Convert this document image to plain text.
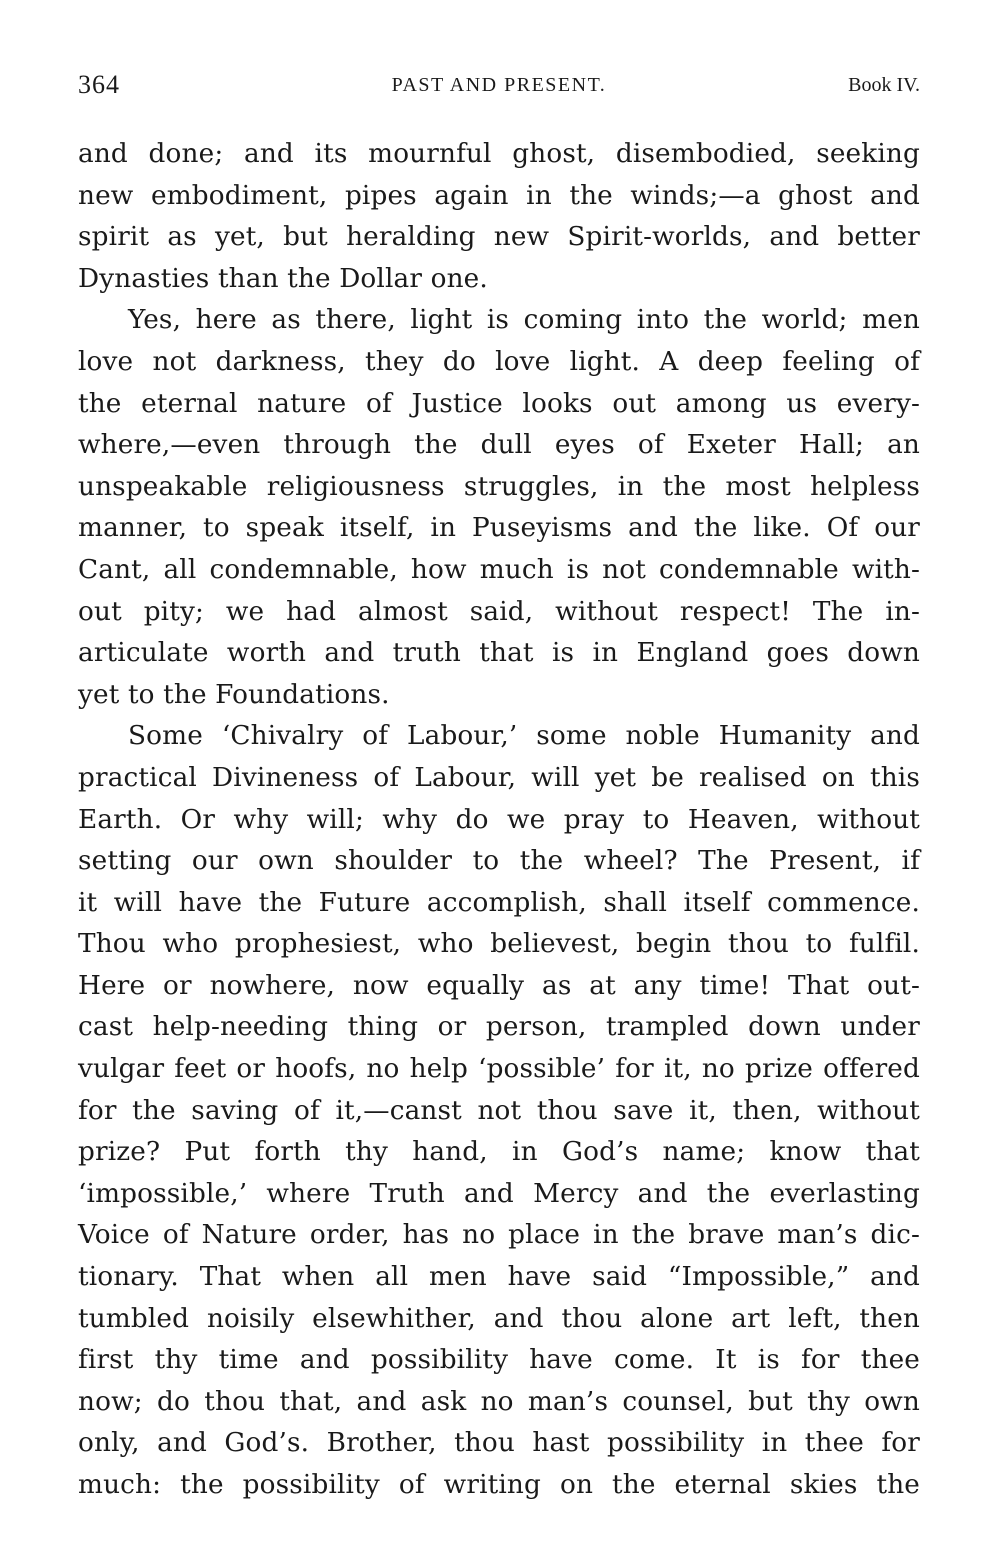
364	PAST AND PRESENT.	Book IV.
and done; and its mournful ghost, disembodied, seeking
new embodiment, pipes again in the winds;—a ghost and
spirit as yet, but heralding new Spirit-worlds, and better
Dynasties than the Dollar one.
Yes, here as there, light is coming into the world; men
love not darkness, they do love light. A deep feeling of
the eternal nature of Justice looks out among us every-
where,—even through the dull eyes of Exeter Hall; an
unspeakable religiousness struggles, in the most helpless
manner, to speak itself, in Puseyisms and the like. Of our
Cant, all condemnable, how much is not condemnable with-
out pity; we had almost said, without respect! The in-
articulate worth and truth that is in England goes down
yet to the Foundations.
Some ‘Chivalry of Labour,’ some noble Humanity and
practical Divineness of Labour, will yet be realised on this
Earth. Or why will; why do we pray to Heaven, without
setting our own shoulder to the wheel? The Present, if
it will have the Future accomplish, shall itself commence.
Thou who prophesiest, who believest, begin thou to fulfil.
Here or nowhere, now equally as at any time! That out-
cast help-needing thing or person, trampled down under
vulgar feet or hoofs, no help ‘possible’ for it, no prize offered
for the saving of it,—canst not thou save it, then, without
prize? Put forth thy hand, in God’s name; know that
‘impossible,’ where Truth and Mercy and the everlasting
Voice of Nature order, has no place in the brave man’s dic-
tionary. That when all men have said “Impossible,” and
tumbled noisily elsewhither, and thou alone art left, then
first thy time and possibility have come. It is for thee
now; do thou that, and ask no man’s counsel, but thy own
only, and God’s. Brother, thou hast possibility in thee for
much: the possibility of writing on the eternal skies the
